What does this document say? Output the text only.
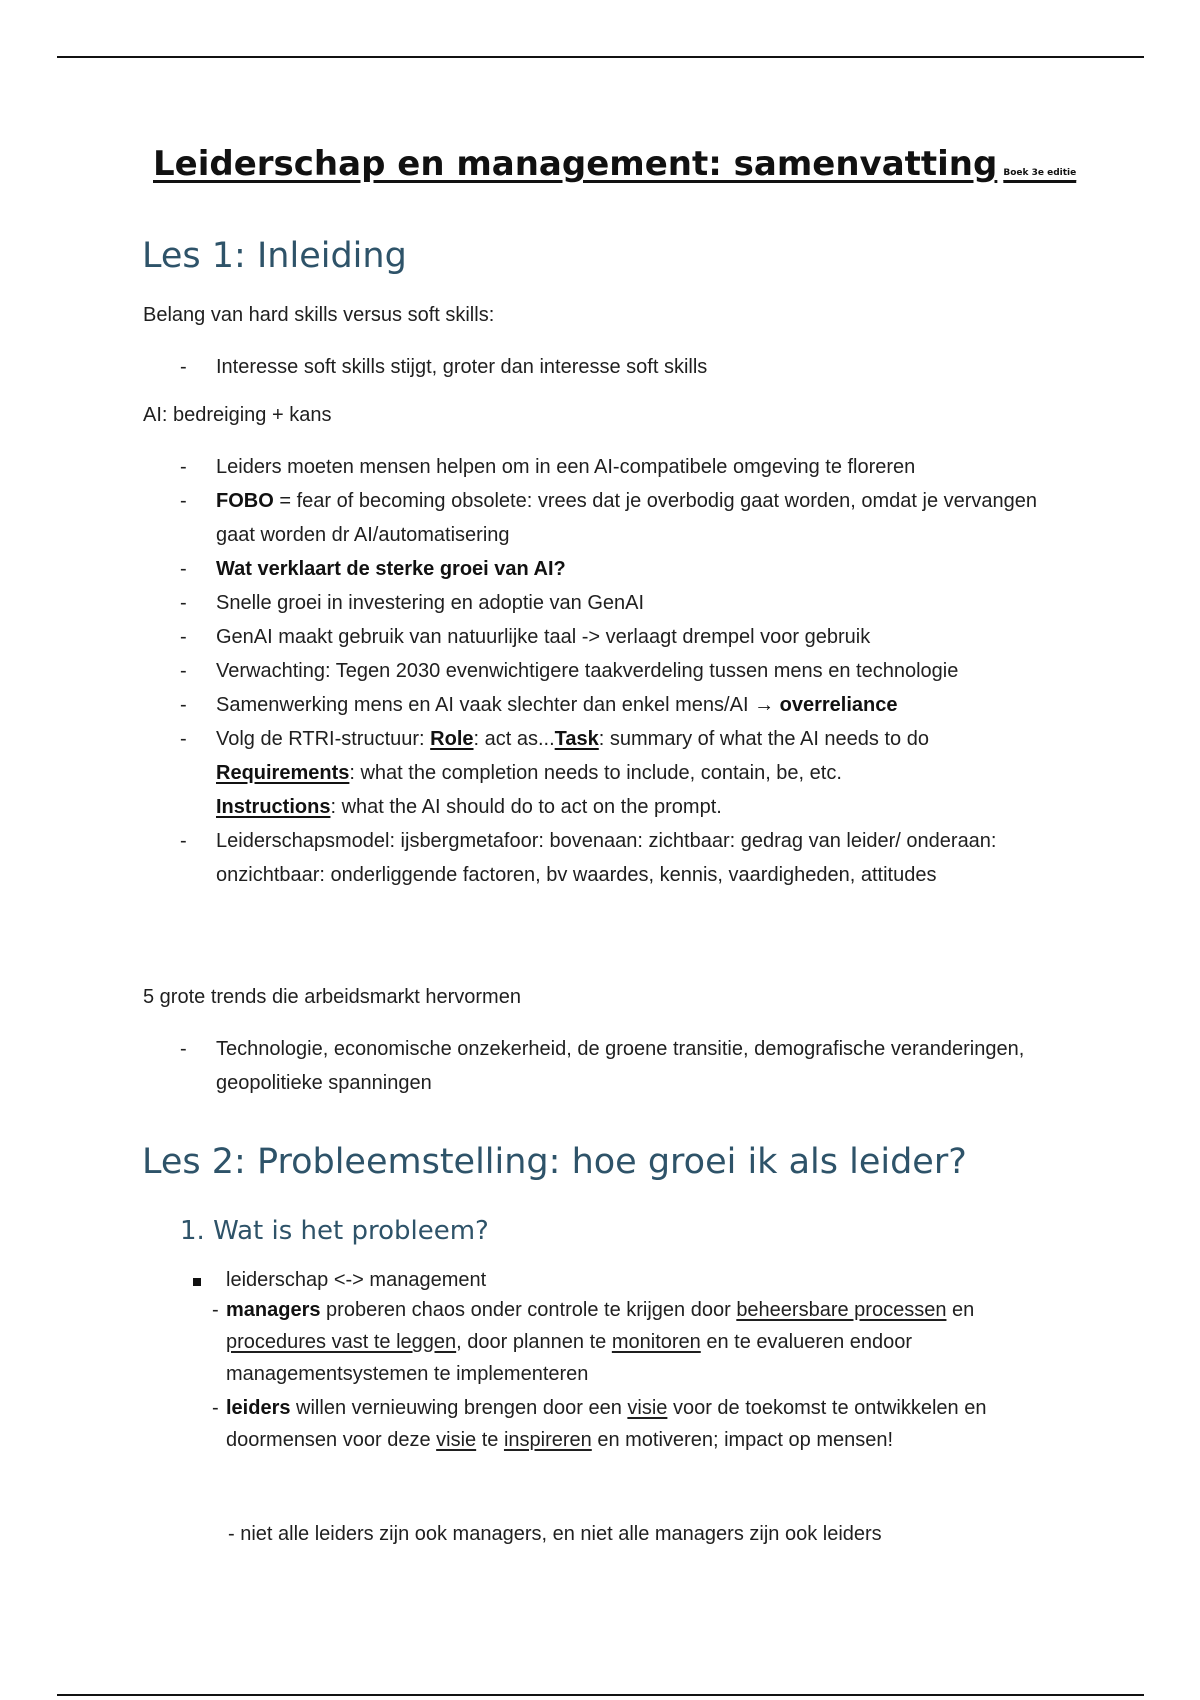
Leiderschap en management: samenvatting Boek 3e editie
Les 1: Inleiding

Belang van hard skills versus soft skills:

- Interesse soft skills stijgt, groter dan interesse soft skills

AI: bedreiging + kans

- Leiders moeten mensen helpen om in een AI-compatibele omgeving te floreren
- FOBO = fear of becoming obsolete: vrees dat je overbodig gaat worden, omdat je vervangen gaat worden dr AI/automatisering
- Wat verklaart de sterke groei van AI?
- Snelle groei in investering en adoptie van GenAI
- GenAI maakt gebruik van natuurlijke taal -> verlaagt drempel voor gebruik
- Verwachting: Tegen 2030 evenwichtigere taakverdeling tussen mens en technologie
- Samenwerking mens en AI vaak slechter dan enkel mens/AI → overreliance
- Volg de RTRI-structuur: Role: act as...Task: summary of what the AI needs to do
Requirements: what the completion needs to include, contain, be, etc.
Instructions: what the AI should do to act on the prompt.
- Leiderschapsmodel: ijsbergmetafoor: bovenaan: zichtbaar: gedrag van leider/ onderaan: onzichtbaar: onderliggende factoren, bv waardes, kennis, vaardigheden, attitudes

5 grote trends die arbeidsmarkt hervormen

- Technologie, economische onzekerheid, de groene transitie, demografische veranderingen, geopolitieke spanningen
Les 2: Probleemstelling: hoe groei ik als leider?
1. Wat is het probleem?
leiderschap <-> management
- managers proberen chaos onder controle te krijgen door beheersbare processen en procedures vast te leggen, door plannen te monitoren en te evalueren endoor managementsystemen te implementeren
- leiders willen vernieuwing brengen door een visie voor de toekomst te ontwikkelen en doormensen voor deze visie te inspireren en motiveren; impact op mensen!
- niet alle leiders zijn ook managers, en niet alle managers zijn ook leiders
